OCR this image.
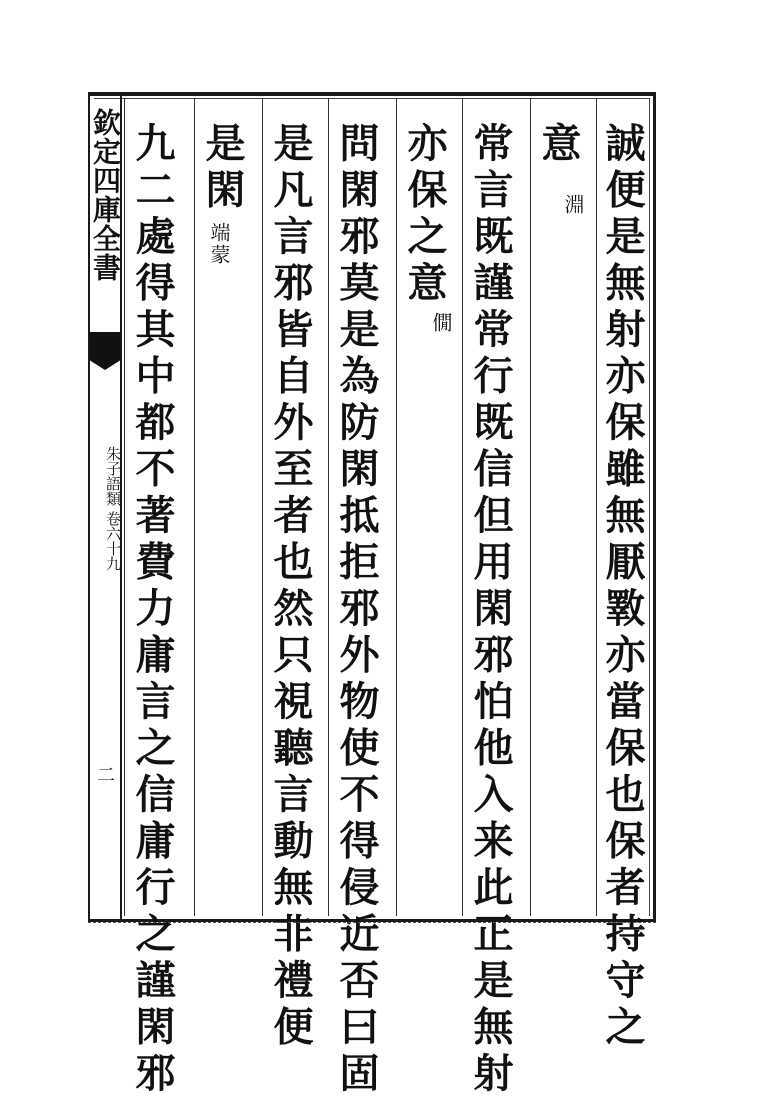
欽定四庫全書
朱子語類 卷六十九
二	誠便是無射亦保雖無厭斁亦當保也保者持守之
意
淵
常言既謹常行既信但用閑邪怕他入来此正是無射
亦保之意
僩
問閑邪莫是為防閑抵拒邪外物使不得侵近否曰固
是凡言邪皆自外至者也然只視聽言動無非禮便
是閑
端蒙
九二處得其中都不著費力庸言之信庸行之謹閑邪
